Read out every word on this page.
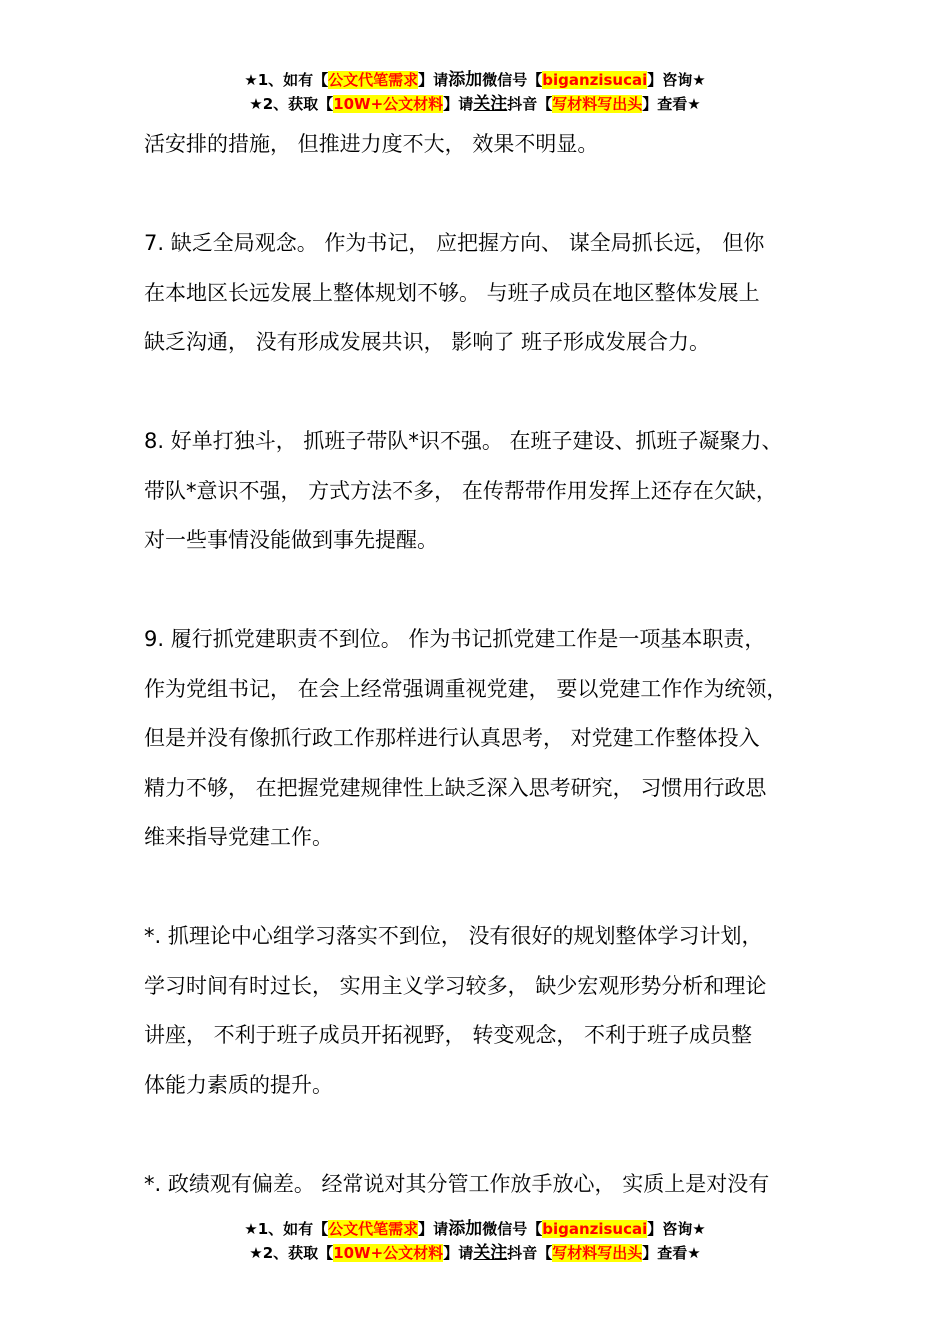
★1、如有【公文代笔需求】请添加微信号【biganzisucai】咨询★
★2、获取【10W+公文材料】请关注抖音【写材料写出头】查看★
活安排的措施， 但推进力度不大， 效果不明显。
7. 缺乏全局观念。 作为书记， 应把握方向、 谋全局抓长远， 但你
在本地区长远发展上整体规划不够。 与班子成员在地区整体发展上
缺乏沟通， 没有形成发展共识， 影响了 班子形成发展合力。
8. 好单打独斗， 抓班子带队*识不强。 在班子建设、抓班子凝聚力、
带队*意识不强， 方式方法不多， 在传帮带作用发挥上还存在欠缺，
对一些事情没能做到事先提醒。
9. 履行抓党建职责不到位。 作为书记抓党建工作是一项基本职责，
作为党组书记， 在会上经常强调重视党建， 要以党建工作作为统领，
但是并没有像抓行政工作那样进行认真思考， 对党建工作整体投入
精力不够， 在把握党建规律性上缺乏深入思考研究， 习惯用行政思
维来指导党建工作。
*. 抓理论中心组学习落实不到位， 没有很好的规划整体学习计划，
学习时间有时过长， 实用主义学习较多， 缺少宏观形势分析和理论
讲座， 不利于班子成员开拓视野， 转变观念， 不利于班子成员整
体能力素质的提升。
*. 政绩观有偏差。 经常说对其分管工作放手放心， 实质上是对没有
★1、如有【公文代笔需求】请添加微信号【biganzisucai】咨询★
★2、获取【10W+公文材料】请关注抖音【写材料写出头】查看★
